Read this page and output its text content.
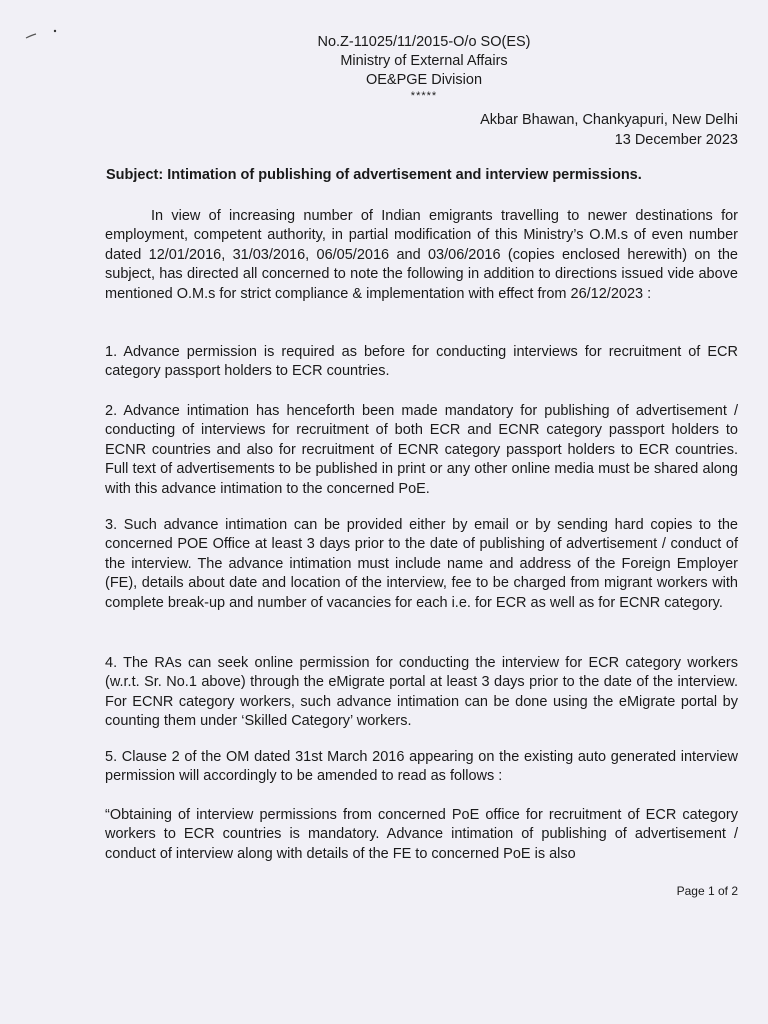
No.Z-11025/11/2015-O/o SO(ES)
Ministry of External Affairs
OE&PGE Division
*****
Akbar Bhawan, Chankyapuri, New Delhi
13 December 2023
Subject: Intimation of publishing of advertisement and interview permissions.

In view of increasing number of Indian emigrants travelling to newer destinations for employment, competent authority, in partial modification of this Ministry’s O.M.s of even number dated 12/01/2016, 31/03/2016, 06/05/2016 and 03/06/2016 (copies enclosed herewith) on the subject, has directed all concerned to note the following in addition to directions issued vide above mentioned O.M.s for strict compliance & implementation with effect from 26/12/2023 :

1. Advance permission is required as before for conducting interviews for recruitment of ECR category passport holders to ECR countries.

2. Advance intimation has henceforth been made mandatory for publishing of advertisement / conducting of interviews for recruitment of both ECR and ECNR category passport holders to ECNR countries and also for recruitment of ECNR category passport holders to ECR countries. Full text of advertisements to be published in print or any other online media must be shared along with this advance intimation to the concerned PoE.

3. Such advance intimation can be provided either by email or by sending hard copies to the concerned POE Office at least 3 days prior to the date of publishing of advertisement / conduct of the interview. The advance intimation must include name and address of the Foreign Employer (FE), details about date and location of the interview, fee to be charged from migrant workers with complete break-up and number of vacancies for each i.e. for ECR as well as for ECNR category.

4. The RAs can seek online permission for conducting the interview for ECR category workers (w.r.t. Sr. No.1 above) through the eMigrate portal at least 3 days prior to the date of the interview. For ECNR category workers, such advance intimation can be done using the eMigrate portal by counting them under ‘Skilled Category’ workers.

5. Clause 2 of the OM dated 31st March 2016 appearing on the existing auto generated interview permission will accordingly to be amended to read as follows :

“Obtaining of interview permissions from concerned PoE office for recruitment of ECR category workers to ECR countries is mandatory. Advance intimation of publishing of advertisement / conduct of interview along with details of the FE to concerned PoE is also

Page 1 of 2
